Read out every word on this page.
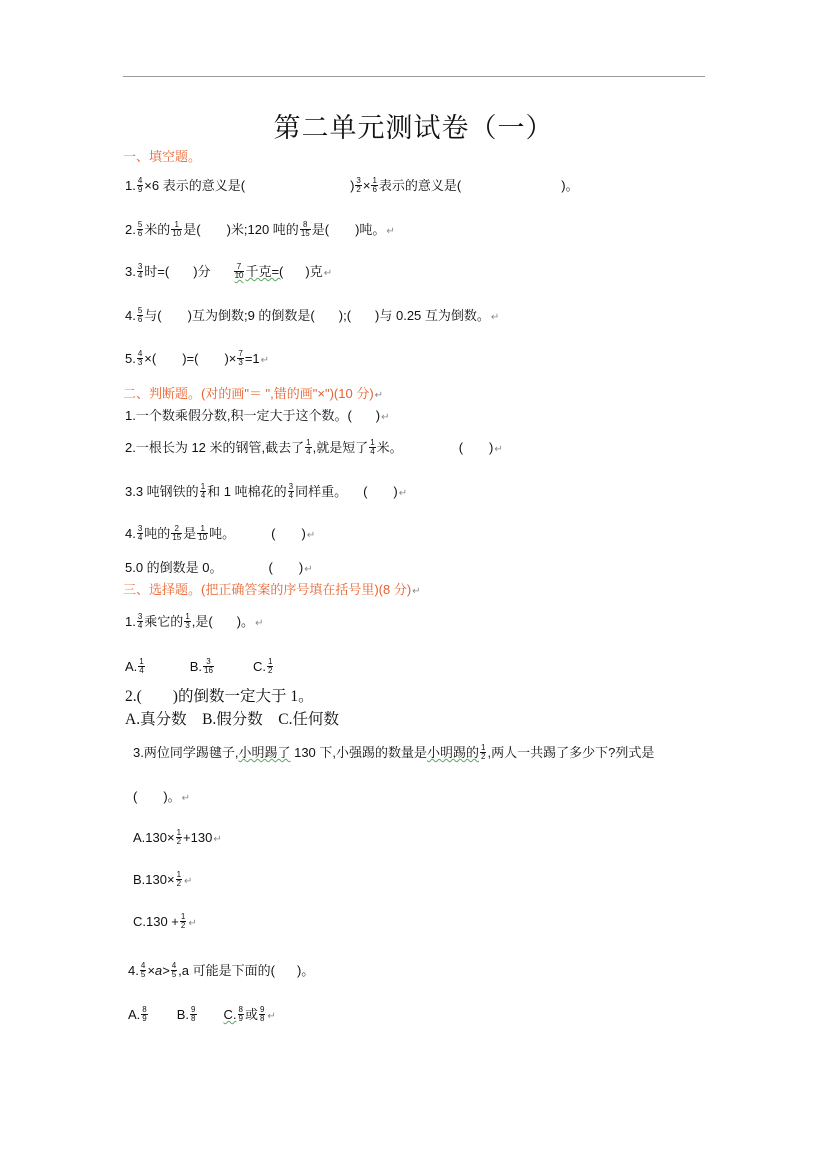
第二单元测试卷（一）
一、填空题。
1. $\frac{4}{9} \times 6$ 表示的意义是(	) $\frac{3}{2} \times \frac{1}{6}$ 表示的意义是(	)。
2. $\frac{5}{6}$ 米的 $\frac{1}{10}$ 是( )米;120 吨的 $\frac{8}{15}$ 是( )吨。↵
3. $\frac{3}{4}$ 时=( )分	$\frac{7}{10}$ 千克=( )克↵
4. $\frac{5}{6}$ 与( )互为倒数;9 的倒数是( );( )与 0.25 互为倒数。↵
5. $\frac{4}{3}$ ×( )=( )× $\frac{7}{3}$ =1↵
二、判断题。(对的画"＝ ",错的画"×")(10 分)↵
1.一个数乘假分数,积一定大于这个数。( )↵
2.一根长为 12 米的钢管,截去了 $\frac{1}{4}$ ,就是短了 $\frac{1}{4}$ 米。	( )↵
3.3 吨钢铁的 $\frac{1}{4}$ 和 1 吨棉花的 $\frac{3}{4}$ 同样重。 ( )↵
4. $\frac{3}{4}$ 吨的 $\frac{2}{15}$ 是 $\frac{1}{10}$ 吨。	( )↵
5.0 的倒数是 0。	( )↵
三、选择题。(把正确答案的序号填在括号里)(8 分)↵
1. $\frac{3}{4}$ 乘它的 $\frac{1}{3}$ ,是( )。↵
A. $\frac{1}{4}$	B. $\frac{3}{16}$	C. $\frac{1}{2}$
2.(　　)的倒数一定大于 1。
A.真分数　B.假分数　C.任何数
3.两位同学踢毽子,小明踢了 130 下,小强踢的数量是小明踢的 $\frac{1}{2}$ ,两人一共踢了多少下?列式是
(　　)。↵
$A.130\times \frac{1}{2}$ +130↵
$B.130\times \frac{1}{2}$ ↵
$C.130 + \frac{1}{2}$ ↵
4. $\frac{4}{5} \times a> \frac{4}{5} ,a$ 可能是下面的( )。
A. $\frac{8}{9} B$. $\frac{9}{8} C$. $\frac{8}{9}$ 或 $\frac{9}{8}$ ↵
